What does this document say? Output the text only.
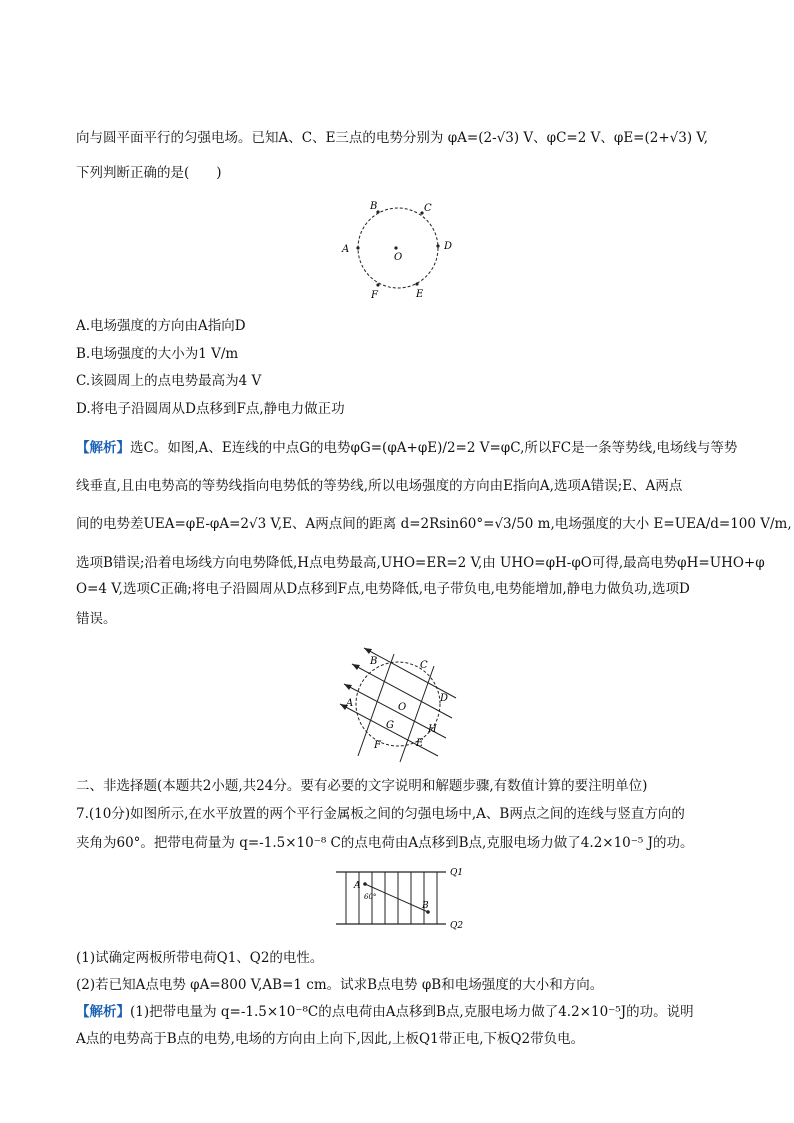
向与圆平面平行的匀强电场。已知A、C、E三点的电势分别为 φA=(2-√3) V、φC=2 V、φE=(2+√3) V,
下列判断正确的是(　　)
B	C
A	D
O
F	E
A.电场强度的方向由A指向D
B.电场强度的大小为1 V/m
C.该圆周上的点电势最高为4 V
D.将电子沿圆周从D点移到F点,静电力做正功
【解析】选C。如图,A、E连线的中点G的电势φG=(φA+φE)/2=2 V=φC,所以FC是一条等势线,电场线与等势
线垂直,且由电势高的等势线指向电势低的等势线,所以电场强度的方向由E指向A,选项A错误;E、A两点
间的电势差UEA=φE-φA=2√3 V,E、A两点间的距离 d=2Rsin60°=√3/50 m,电场强度的大小 E=UEA/d=100 V/m,
选项B错误;沿着电场线方向电势降低,H点电势最高,UHO=ER=2 V,由 UHO=φH-φO可得,最高电势φH=UHO+φ
O=4 V,选项C正确;将电子沿圆周从D点移到F点,电势降低,电子带负电,电势能增加,静电力做负功,选项D
错误。
B	C
A	D
O
G	H
F	E
二、非选择题(本题共2小题,共24分。要有必要的文字说明和解题步骤,有数值计算的要注明单位)
7.(10分)如图所示,在水平放置的两个平行金属板之间的匀强电场中,A、B两点之间的连线与竖直方向的
夹角为60°。把带电荷量为 q=-1.5×10⁻⁸ C的点电荷由A点移到B点,克服电场力做了4.2×10⁻⁵ J的功。
A
B
60°
Q1
Q2
(1)试确定两板所带电荷Q1、Q2的电性。
(2)若已知A点电势 φA=800 V,AB=1 cm。试求B点电势 φB和电场强度的大小和方向。
【解析】(1)把带电量为 q=-1.5×10⁻⁸C的点电荷由A点移到B点,克服电场力做了4.2×10⁻⁵J的功。说明
A点的电势高于B点的电势,电场的方向由上向下,因此,上板Q1带正电,下板Q2带负电。
